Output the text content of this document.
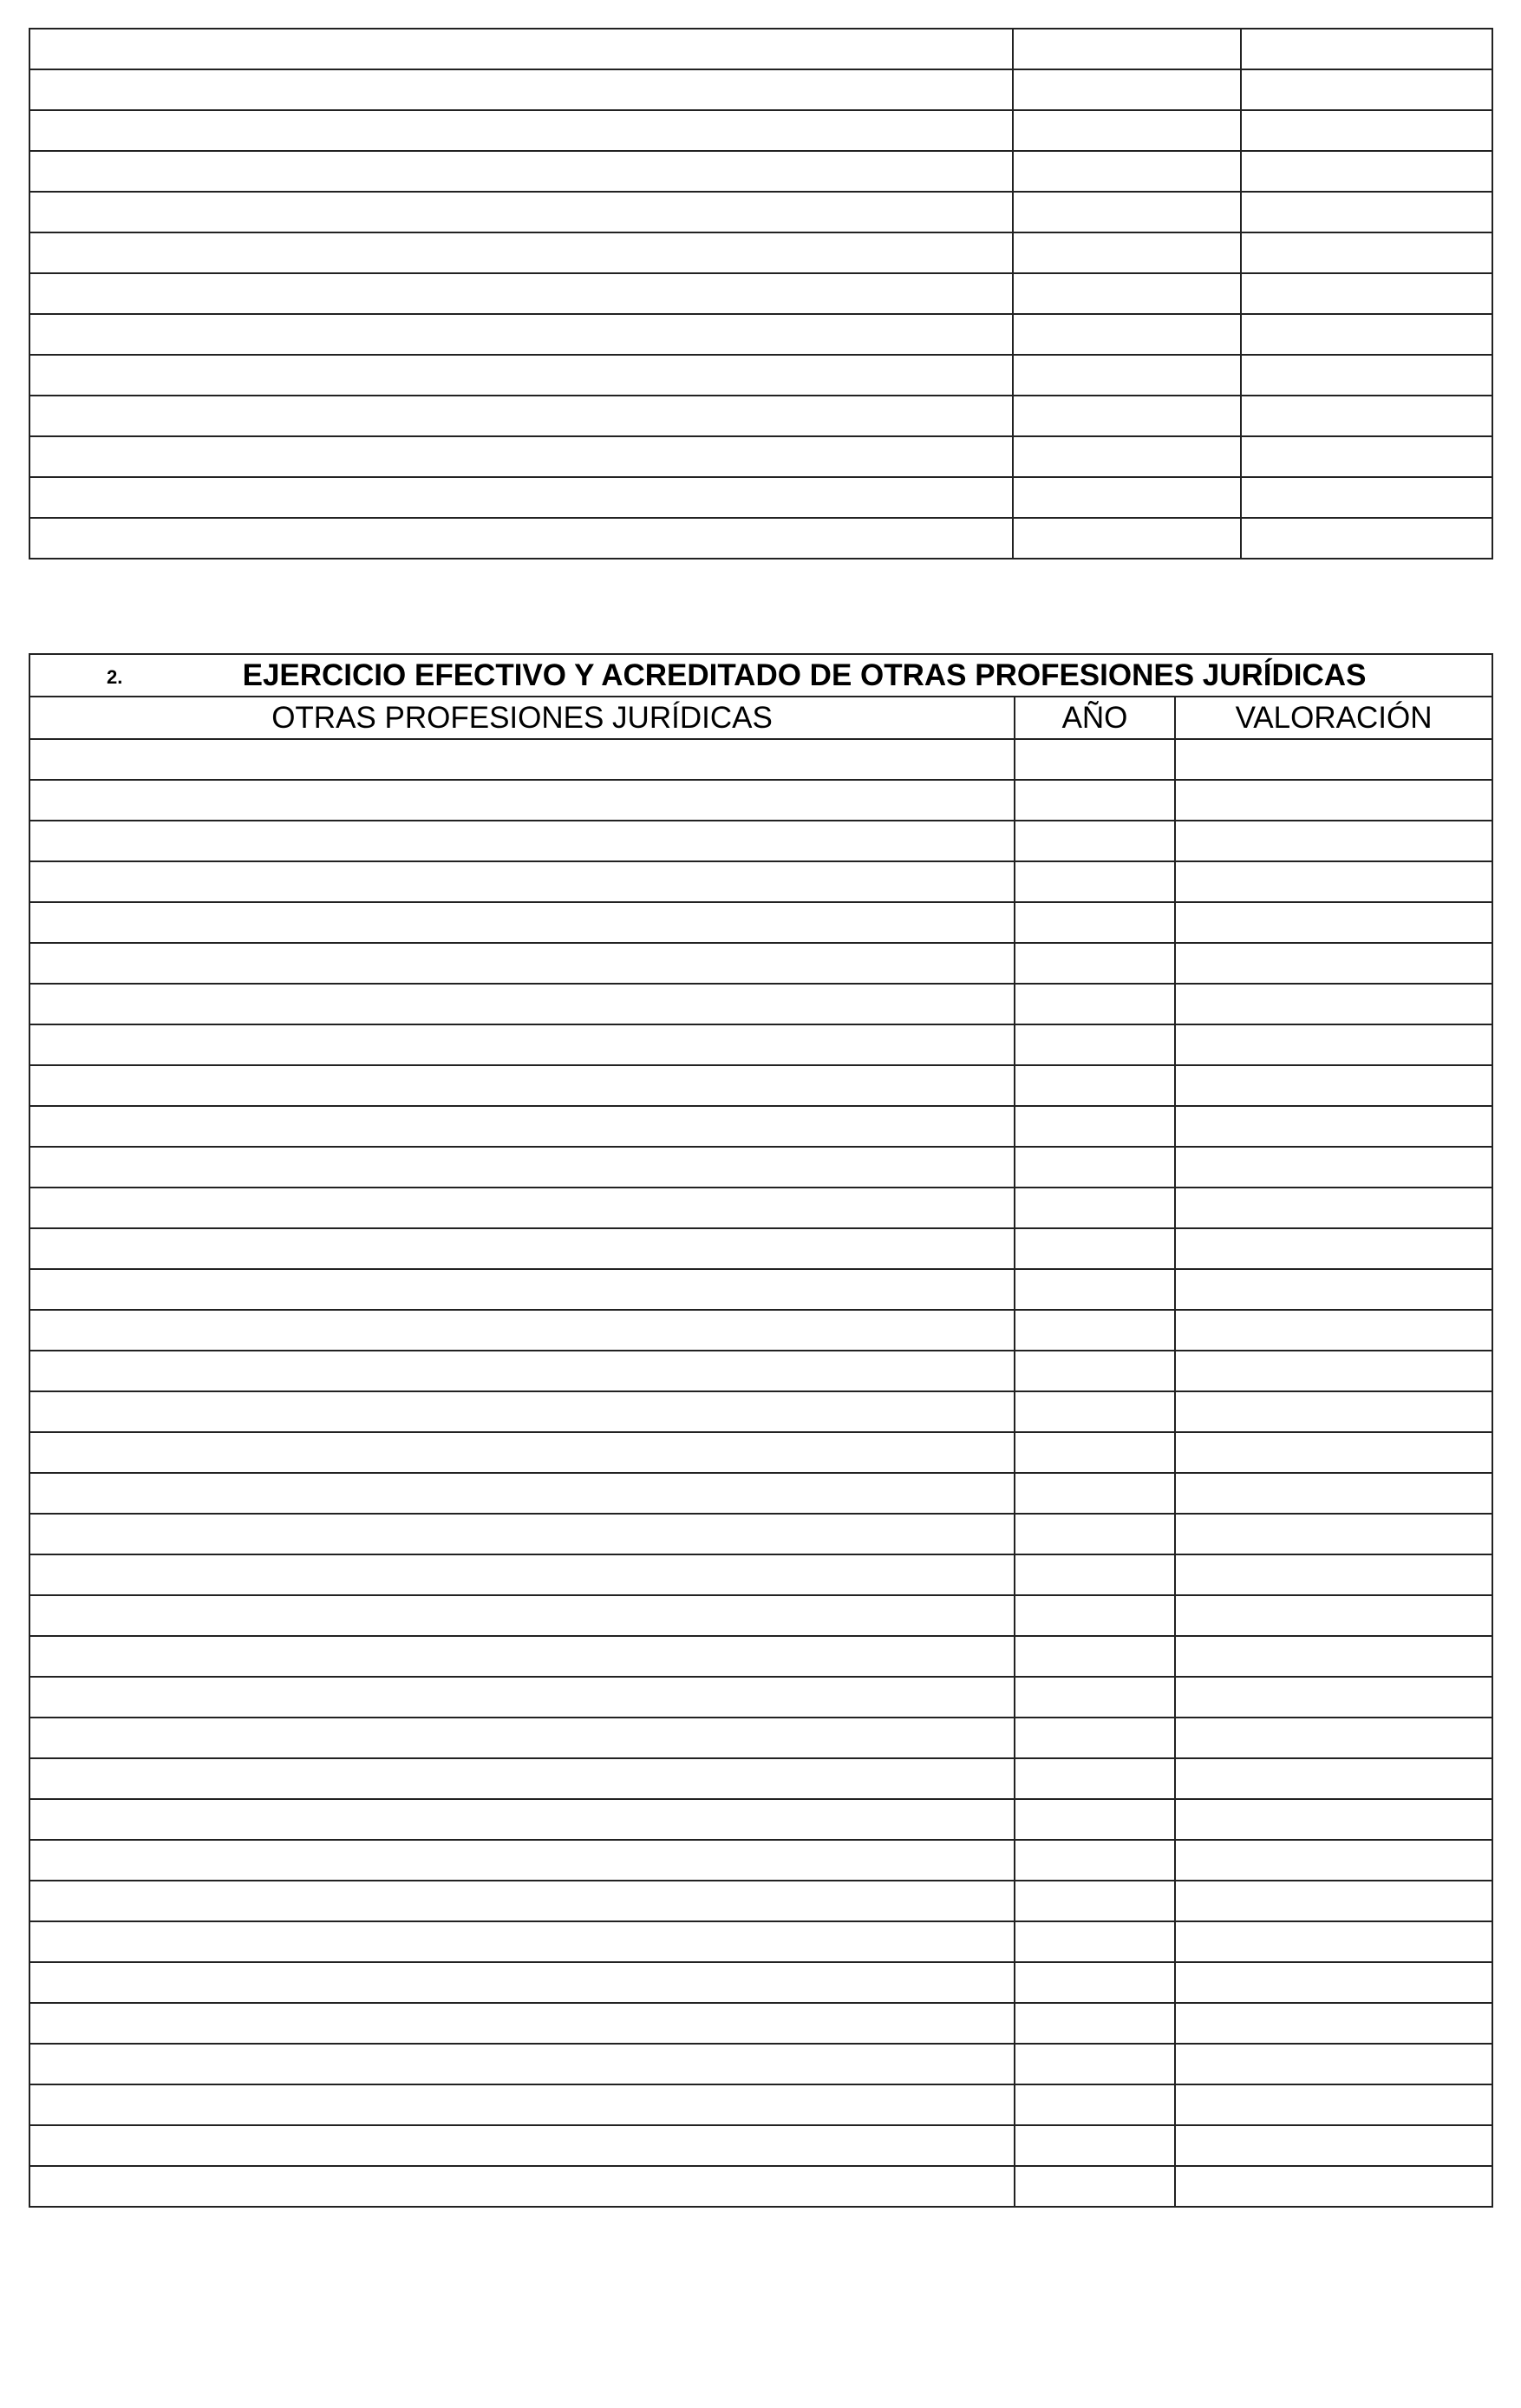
2. EJERCICIO EFECTIVO Y ACREDITADO DE OTRAS PROFESIONES JURÍDICAS		
OTRAS PROFESIONES JURÍDICAS	AÑO	VALORACIÓN
